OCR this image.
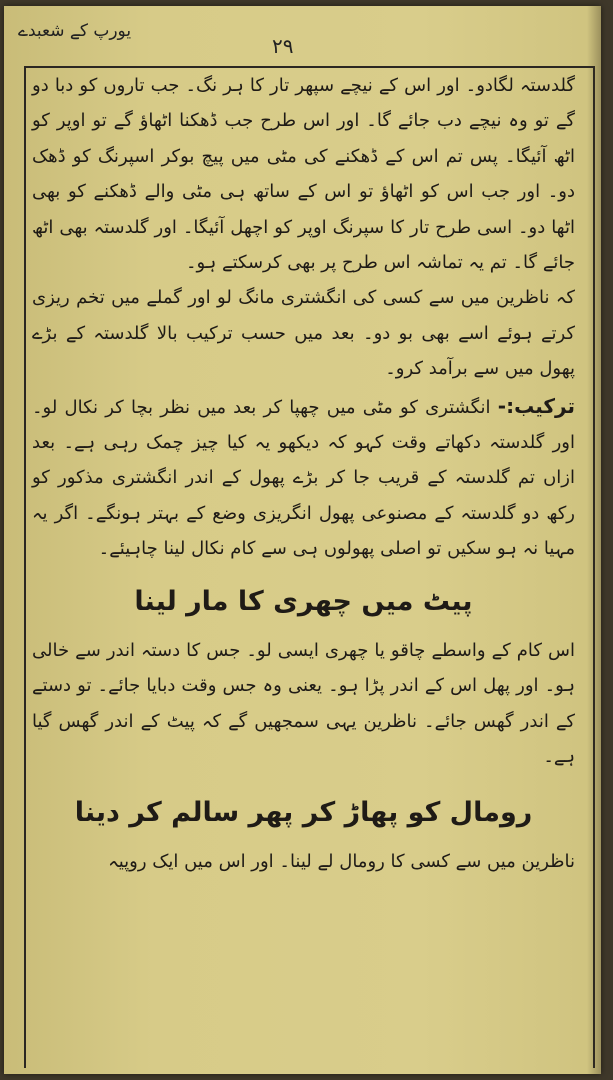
یورپ کے شعبدے
۲۹

گلدستہ لگادو۔ اور اس کے نیچے سپھر تار کا ہر نگ۔ جب تاروں کو دبا دو گے تو وہ نیچے دب جائے گا۔ اور اس طرح جب ڈھکنا اٹھاؤ گے تو اوپر کو اٹھ آئیگا۔ پس تم اس کے ڈھکنے کی مٹی میں پیچ بوکر اسپرنگ کو ڈھک دو۔ اور جب اس کو اٹھاؤ تو اس کے ساتھ ہی مٹی والے ڈھکنے کو بھی اٹھا دو۔ اسی طرح تار کا سپرنگ اوپر کو اچھل آئیگا۔ اور گلدستہ بھی اٹھ جائے گا۔ تم یہ تماشہ اس طرح پر بھی کرسکتے ہو۔

کہ ناظرین میں سے کسی کی انگشتری مانگ لو اور گملے میں تخم ریزی کرتے ہوئے اسے بھی بو دو۔ بعد میں حسب ترکیب بالا گلدستہ کے بڑے پھول میں سے برآمد کرو۔

ترکیب:- انگشتری کو مٹی میں چھپا کر بعد میں نظر بچا کر نکال لو۔ اور گلدستہ دکھاتے وقت کہو کہ دیکھو یہ کیا چیز چمک رہی ہے۔ بعد ازاں تم گلدستہ کے قریب جا کر بڑے پھول کے اندر انگشتری مذکور کو رکھ دو گلدستہ کے مصنوعی پھول انگریزی وضع کے بہتر ہونگے۔ اگر یہ مہیا نہ ہو سکیں تو اصلی پھولوں ہی سے کام نکال لینا چاہیئے۔

پیٹ میں چھری کا مار لینا

اس کام کے واسطے چاقو یا چھری ایسی لو۔ جس کا دستہ اندر سے خالی ہو۔ اور پھل اس کے اندر پڑا ہو۔ یعنی وہ جس وقت دبایا جائے۔ تو دستے کے اندر گھس جائے۔ ناظرین یہی سمجھیں گے کہ پیٹ کے اندر گھس گیا ہے۔

رومال کو پھاڑ کر پھر سالم کر دینا

ناظرین میں سے کسی کا رومال لے لینا۔ اور اس میں ایک روپیہ
